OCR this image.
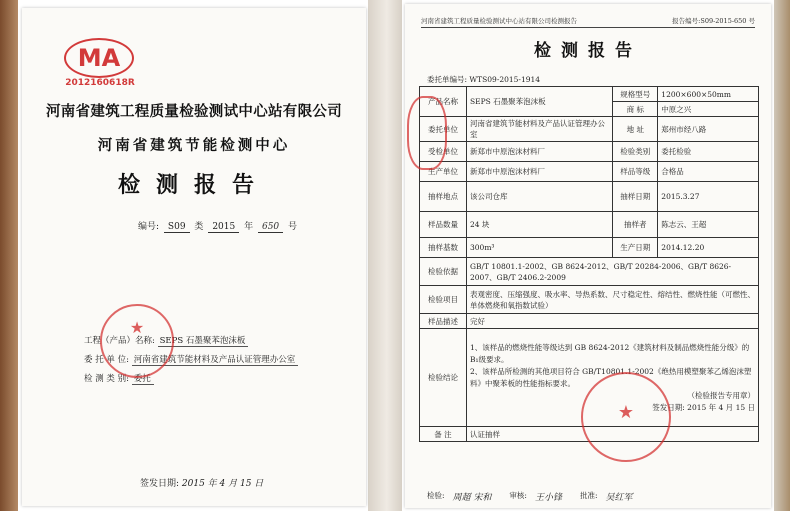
MA
2012160618R
河南省建筑工程质量检验测试中心站有限公司
河南省建筑节能检测中心
检测报告
编号: S09 类 2015 年 650 号
工程（产品）名称: SEPS 石墨聚苯泡沫板
委 托 单 位: 河南省建筑节能材料及产品认证管理办公室
检 测 类 别: 委托
★
签发日期: 2015 年 4 月 15 日
河南省建筑工程质量检验测试中心站有限公司检测报告	报告编号:S09-2015-650 号
检测报告
委托单编号: WTS09-2015-1914
产品名称	SEPS 石墨聚苯泡沫板	规格型号	1200×600×50mm
		商 标	中原之兴
委托单位	河南省建筑节能材料及产品认证管理办公室	地 址	郑州市经八路
受检单位	新郑市中原泡沫材料厂	检验类别	委托检验
生产单位	新郑市中原泡沫材料厂	样品等级	合格品
抽样地点	该公司仓库	抽样日期	2015.3.27
样品数量	24 块	抽样者	陈志云、王超
抽样基数	300m³	生产日期	2014.12.20
检验依据	GB/T 10801.1-2002、GB 8624-2012、GB/T 20284-2006、GB/T 8626-2007、GB/T 2406.2-2009		
检验项目	表观密度、压缩强度、吸水率、导热系数、尺寸稳定性、熔结性、燃烧性能（可燃性、单体燃烧和氧指数试验）		
样品描述	完好		
检验结论	1、该样品的燃烧性能等级达到 GB 8624-2012《建筑材料及制品燃烧性能分级》的 B₁级要求。
2、该样品所检测的其他项目符合 GB/T10801.1-2002《绝热用模塑聚苯乙烯泡沫塑料》中聚苯板的性能指标要求。
（检验报告专用章）
签发日期: 2015 年 4 月 15 日		

备 注	认证抽样		
★
检验: 周超 宋和 审核: 王小锋 批准: 吴红军
